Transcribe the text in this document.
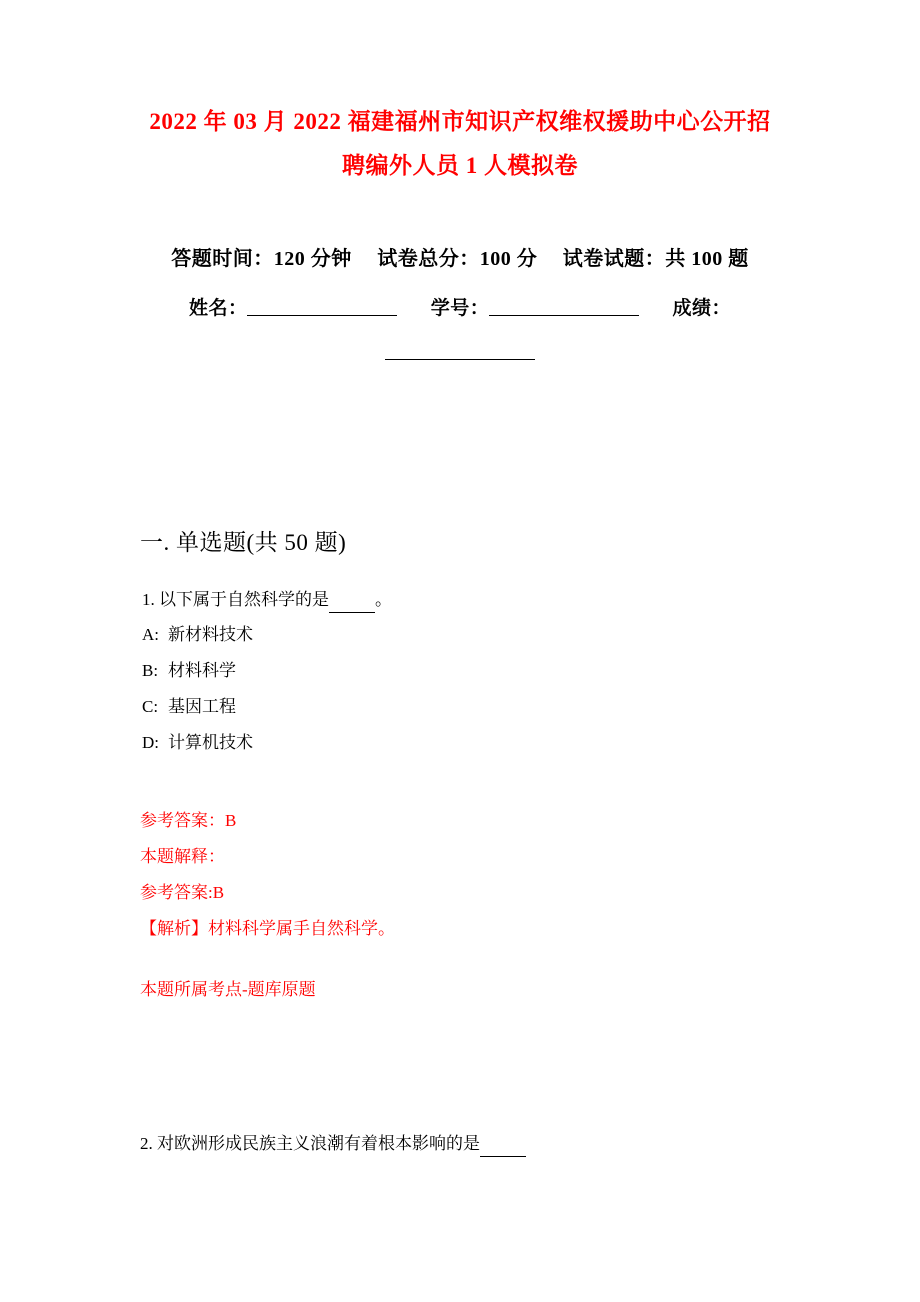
2022 年 03 月 2022 福建福州市知识产权维权援助中心公开招聘编外人员 1 人模拟卷
答题时间：120 分钟 试卷总分：100 分 试卷试题：共 100 题
姓名：	学号：	成绩：
一. 单选题(共 50 题)
1. 以下属于自然科学的是	。
A: 新材料技术
B: 材料科学
C: 基因工程
D: 计算机技术
参考答案：B
本题解释：
参考答案:B
【解析】材料科学属手自然科学。
本题所属考点-题库原题
2. 对欧洲形成民族主义浪潮有着根本影响的是
